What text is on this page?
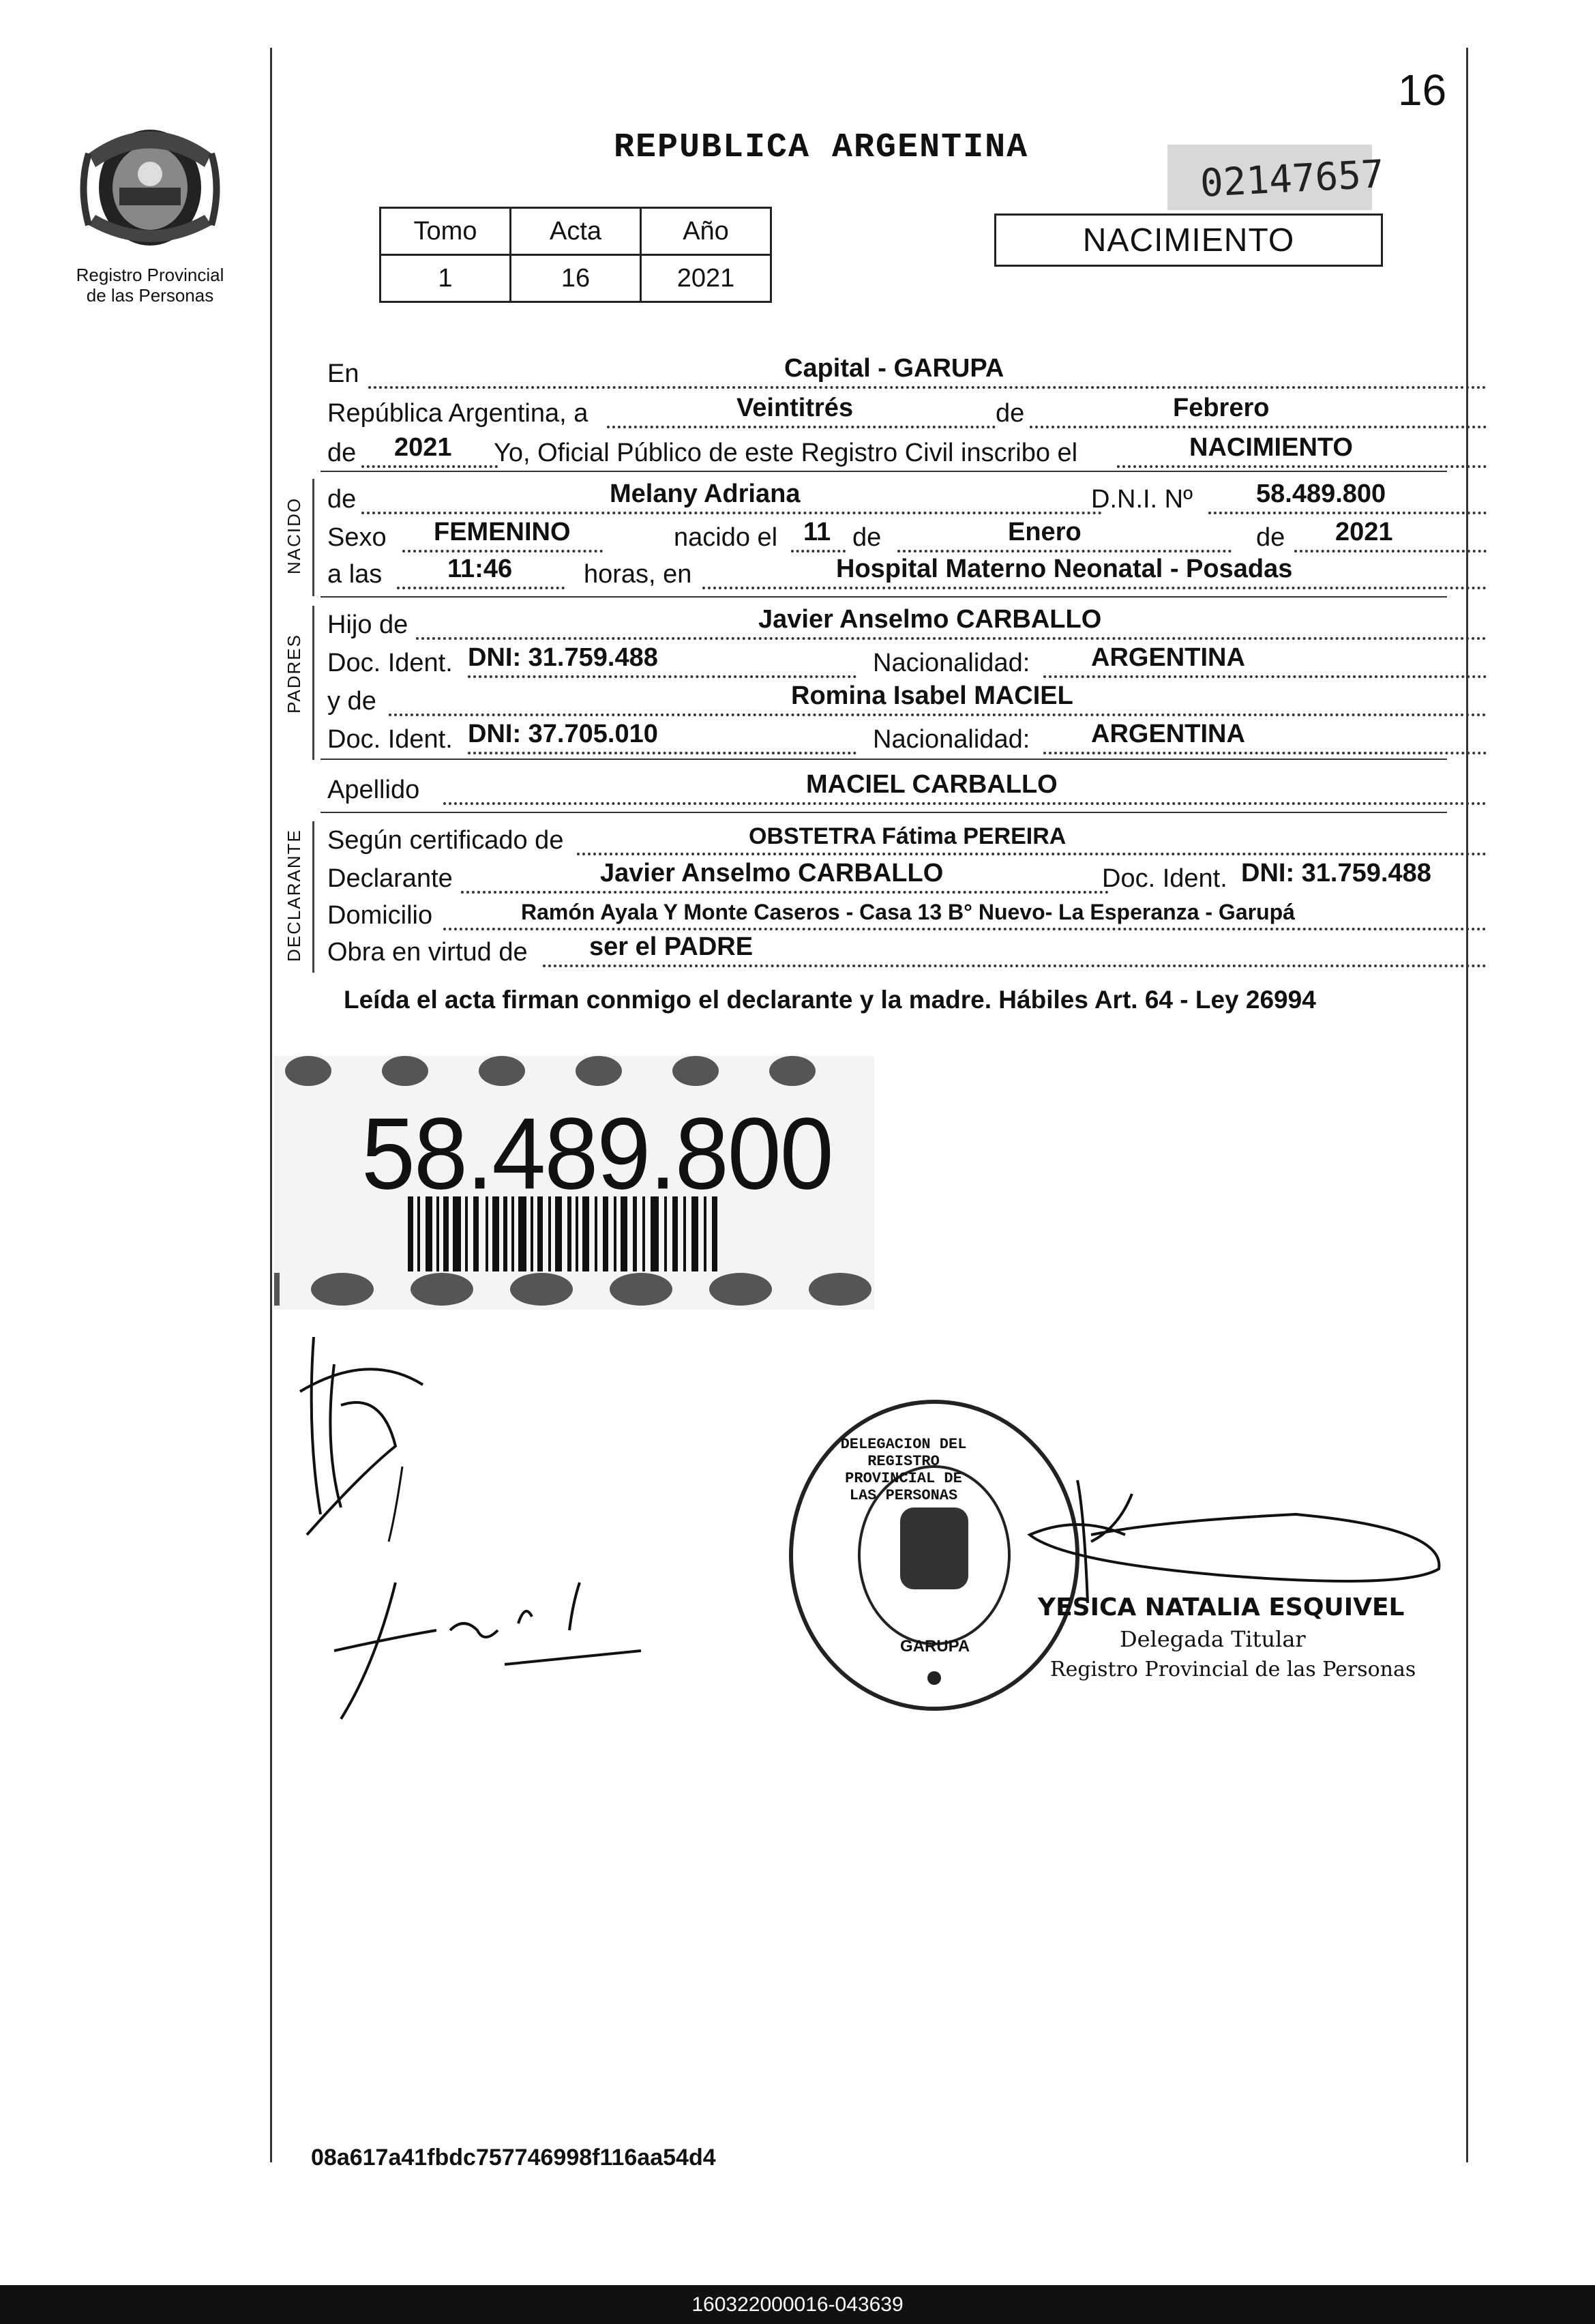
16
Registro Provincial
de las Personas
REPUBLICA ARGENTINA
02147657
Tomo	Acta	Año
1	16	2021
NACIMIENTO
En	Capital - GARUPA
República Argentina, a	Veintitrés	de	Febrero
de 2021 Yo, Oficial Público de este Registro Civil inscribo el	NACIMIENTO
NACIDO de	Melany Adriana	D.N.I. Nº 58.489.800
Sexo FEMENINO	nacido el 11 de	Enero	de 2021
a las	11:46	horas, en	Hospital Materno Neonatal - Posadas
PADRES
Hijo de	Javier Anselmo CARBALLO
Doc. Ident. DNI: 31.759.488	Nacionalidad: ARGENTINA
y de	Romina Isabel MACIEL
Doc. Ident. DNI: 37.705.010	Nacionalidad: ARGENTINA
Apellido	MACIEL CARBALLO
DECLARANTE Según certificado de	OBSTETRA Fátima PEREIRA
Declarante	Javier Anselmo CARBALLO	Doc. Ident. DNI: 31.759.488
Domicilio	Ramón Ayala Y Monte Caseros - Casa 13 B° Nuevo- La Esperanza - Garupá
Obra en virtud de ser el PADRE
Leída el acta firman conmigo el declarante y la madre. Hábiles Art. 64 - Ley 26994
58.489.800
DELEGACION DEL REGISTRO PROVINCIAL DE LAS PERSONAS
GARUPA
YESICA NATALIA ESQUIVEL
Delegada Titular
Registro Provincial de las Personas
08a617a41fbdc757746998f116aa54d4
160322000016-043639
